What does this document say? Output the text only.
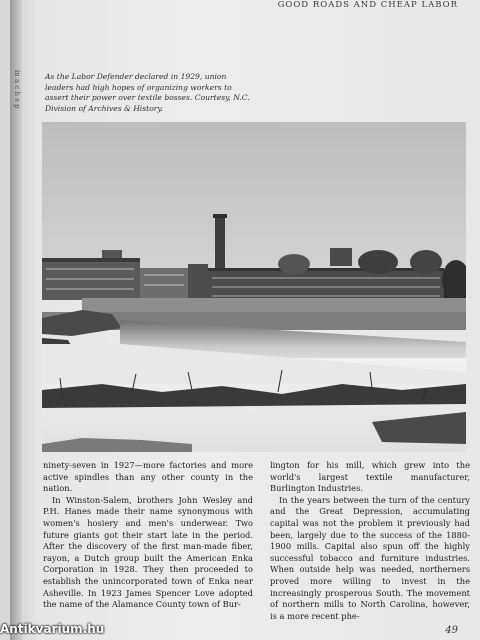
in a c h s p
GOOD ROADS AND CHEAP LABOR
As the Labor Defender declared in 1929, union leaders had high hopes of organizing workers to assert their power over textile bosses. Courtesy, N.C. Division of Archives & History.

ninety-seven in 1927—more factories and more active spindles than any other county in the nation.

In Winston-Salem, brothers John Wesley and P.H. Hanes made their name synonymous with women's hosiery and men's underwear. Two future giants got their start late in the period. After the discovery of the first man-made fiber, rayon, a Dutch group built the American Enka Corporation in 1928. They then proceeded to establish the unincorporated town of Enka near Asheville. In 1923 James Spencer Love adopted the name of the Alamance County town of Bur-

lington for his mill, which grew into the world's largest textile manufacturer, Burlington Industries.

In the years between the turn of the century and the Great Depression, accumulating capital was not the problem it previously had been, largely due to the success of the 1880-1900 mills. Capital also spun off the highly successful tobacco and furniture industries. When outside help was needed, northerners proved more willing to invest in the increasingly prosperous South. The movement of northern mills to North Carolina, however, is a more recent phe-

49
Antikvarium.hu
